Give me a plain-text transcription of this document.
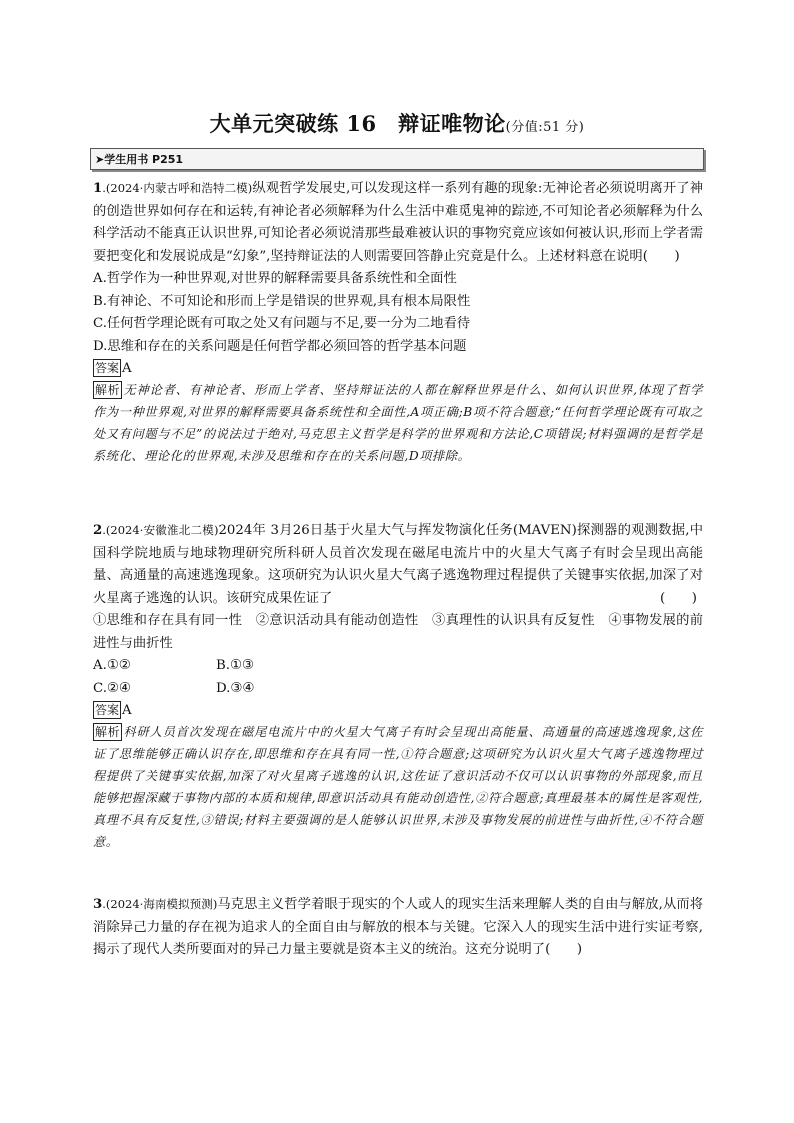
大单元突破练 16　辩证唯物论(分值:51 分)
➤学生用书 P251

1.(2024·内蒙古呼和浩特二模)纵观哲学发展史,可以发现这样一系列有趣的现象:无神论者必须说明离开了神的创造世界如何存在和运转,有神论者必须解释为什么生活中难觅鬼神的踪迹,不可知论者必须解释为什么科学活动不能真正认识世界,可知论者必须说清那些最难被认识的事物究竟应该如何被认识,形而上学者需要把变化和发展说成是“幻象”,坚持辩证法的人则需要回答静止究竟是什么。上述材料意在说明(　　)

A.哲学作为一种世界观,对世界的解释需要具备系统性和全面性

B.有神论、不可知论和形而上学是错误的世界观,具有根本局限性

C.任何哲学理论既有可取之处又有问题与不足,要一分为二地看待

D.思维和存在的关系问题是任何哲学都必须回答的哲学基本问题

答案 A

解析 无神论者、有神论者、形而上学者、坚持辩证法的人都在解释世界是什么、如何认识世界,体现了哲学作为一种世界观,对世界的解释需要具备系统性和全面性,A项正确;B项不符合题意;“任何哲学理论既有可取之处又有问题与不足”的说法过于绝对,马克思主义哲学是科学的世界观和方法论,C项错误;材料强调的是哲学是系统化、理论化的世界观,未涉及思维和存在的关系问题,D项排除。

2.(2024·安徽淮北二模)2024年 3月26日基于火星大气与挥发物演化任务(MAVEN)探测器的观测数据,中国科学院地质与地球物理研究所科研人员首次发现在磁尾电流片中的火星大气离子有时会呈现出高能量、高通量的高速逃逸现象。这项研究为认识火星大气离子逃逸物理过程提供了关键事实依据,加深了对火星离子逃逸的认识。该研究成果佐证了	(　　)

①思维和存在具有同一性　②意识活动具有能动创造性　③真理性的认识具有反复性　④事物发展的前进性与曲折性

A.①②	B.①③

C.②④	D.③④

答案 A

解析 科研人员首次发现在磁尾电流片中的火星大气离子有时会呈现出高能量、高通量的高速逃逸现象,这佐证了思维能够正确认识存在,即思维和存在具有同一性,①符合题意;这项研究为认识火星大气离子逃逸物理过程提供了关键事实依据,加深了对火星离子逃逸的认识,这佐证了意识活动不仅可以认识事物的外部现象,而且能够把握深藏于事物内部的本质和规律,即意识活动具有能动创造性,②符合题意;真理最基本的属性是客观性,真理不具有反复性,③错误;材料主要强调的是人能够认识世界,未涉及事物发展的前进性与曲折性,④不符合题意。

3.(2024·海南模拟预测)马克思主义哲学着眼于现实的个人或人的现实生活来理解人类的自由与解放,从而将消除异己力量的存在视为追求人的全面自由与解放的根本与关键。它深入人的现实生活中进行实证考察,揭示了现代人类所要面对的异己力量主要就是资本主义的统治。这充分说明了(　　)
